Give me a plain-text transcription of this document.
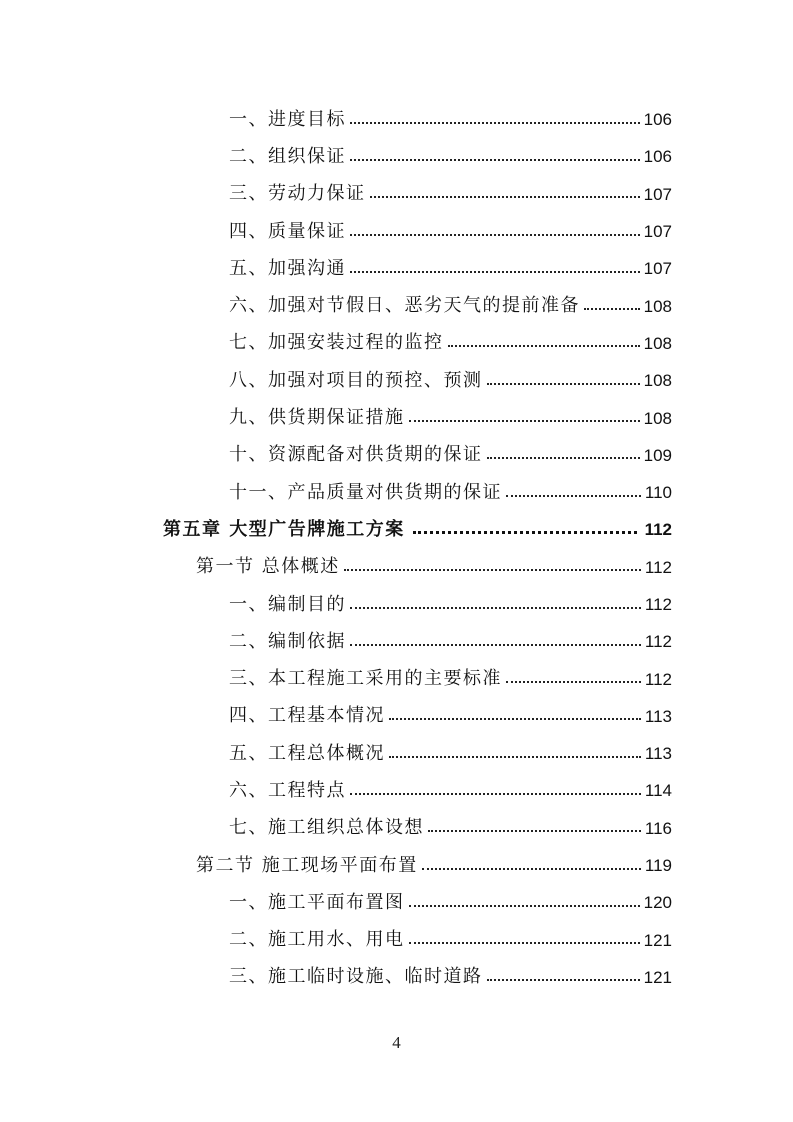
一、进度目标	106
二、组织保证	106
三、劳动力保证	107
四、质量保证	107
五、加强沟通	107
六、加强对节假日、恶劣天气的提前准备	108
七、加强安装过程的监控	108
八、加强对项目的预控、预测	108
九、供货期保证措施	108
十、资源配备对供货期的保证	109
十一、产品质量对供货期的保证	110
第五章 大型广告牌施工方案	112
第一节 总体概述	112
一、编制目的	112
二、编制依据	112
三、本工程施工采用的主要标准	112
四、工程基本情况	113
五、工程总体概况	113
六、工程特点	114
七、施工组织总体设想	116
第二节 施工现场平面布置	119
一、施工平面布置图	120
二、施工用水、用电	121
三、施工临时设施、临时道路	121
4
